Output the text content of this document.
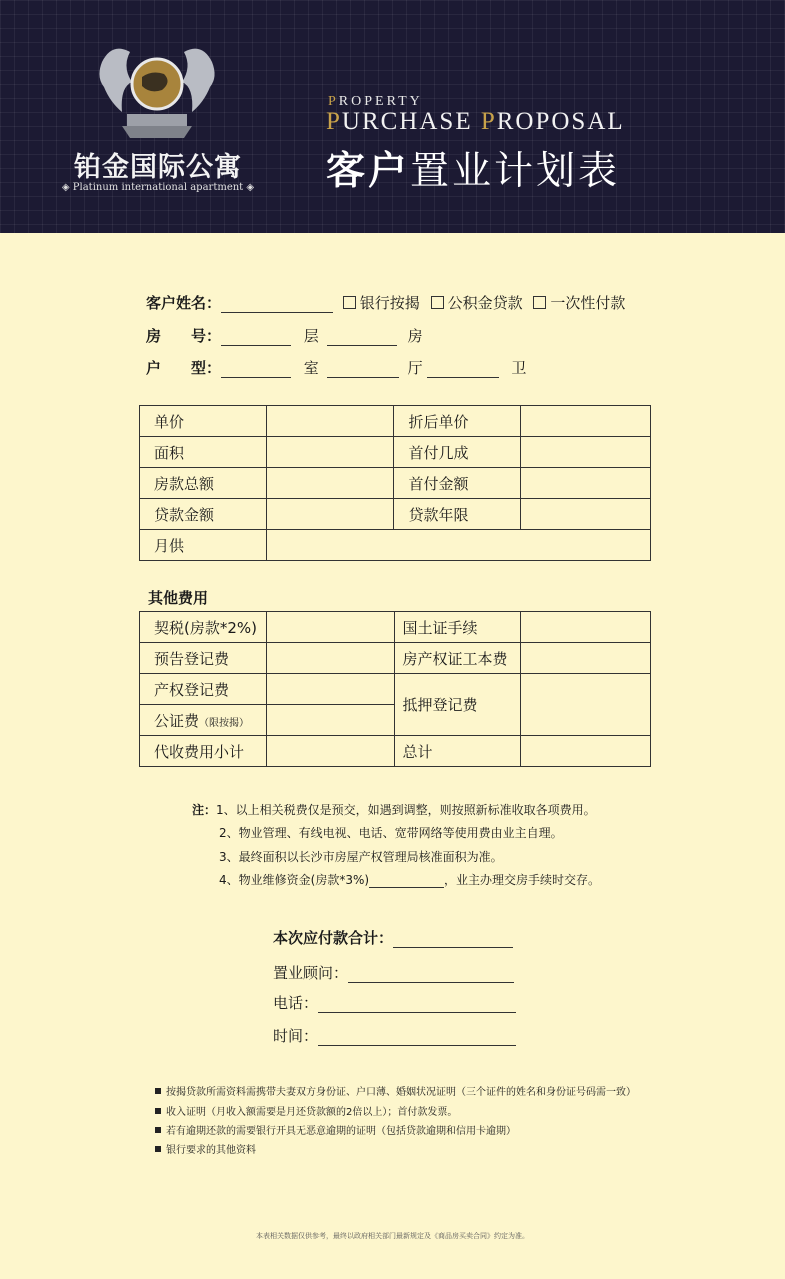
铂金国际公寓
◈ Platinum international apartment ◈
PROPERTY
PURCHASE PROPOSAL
客户置业计划表
客户姓名：	银行按揭 公积金贷款 一次性付款
房　　号：	层	房
户　　型：	室	厅	卫
单价		折后单价	
面积		首付几成	
房款总额		首付金额	
贷款金额		贷款年限	
月供			
其他费用
契税(房款*2%)		国土证手续	
预告登记费		房产权证工本费	
产权登记费		抵押登记费	
公证费（限按揭）			
代收费用小计		总计	
注：1、以上相关税费仅是预交，如遇到调整，则按照新标准收取各项费用。
2、物业管理、有线电视、电话、宽带网络等使用费由业主自理。
3、最终面积以长沙市房屋产权管理局核准面积为准。
4、物业维修资金(房款*3%)	，业主办理交房手续时交存。
本次应付款合计：
置业顾问：
电话：
时间：
按揭贷款所需资料需携带夫妻双方身份证、户口薄、婚姻状况证明（三个证件的姓名和身份证号码需一致）
收入证明（月收入额需要是月还贷款额的2倍以上）；首付款发票。
若有逾期还款的需要银行开具无恶意逾期的证明（包括贷款逾期和信用卡逾期）
银行要求的其他资料
本表相关数据仅供参考，最终以政府相关部门最新规定及《商品房买卖合同》约定为准。
